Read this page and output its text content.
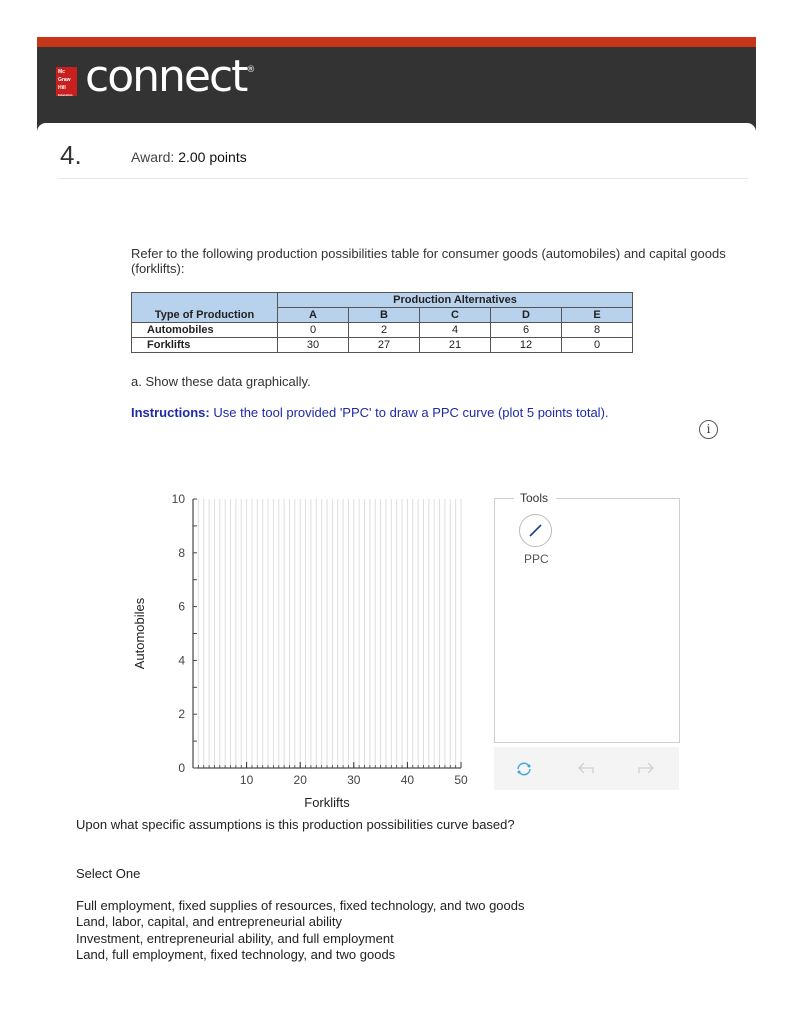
Mc
Graw
Hill
Education connect®
4.	Award: 2.00 points
Refer to the following production possibilities table for consumer goods (automobiles) and capital goods (forklifts):
Type of Production	Production Alternatives				
	A	B	C	D	E
Automobiles	0	2	4	6	8
Forklifts	30	27	21	12	0
a. Show these data graphically.
Instructions: Use the tool provided 'PPC' to draw a PPC curve (plot 5 points total).
i
10	20	30	40	50
0
2
4
6
8
10
Forklifts
Automobiles
Tools
PPC
Upon what specific assumptions is this production possibilities curve based?
Select One
Full employment, fixed supplies of resources, fixed technology, and two goods
Land, labor, capital, and entrepreneurial ability
Investment, entrepreneurial ability, and full employment
Land, full employment, fixed technology, and two goods
